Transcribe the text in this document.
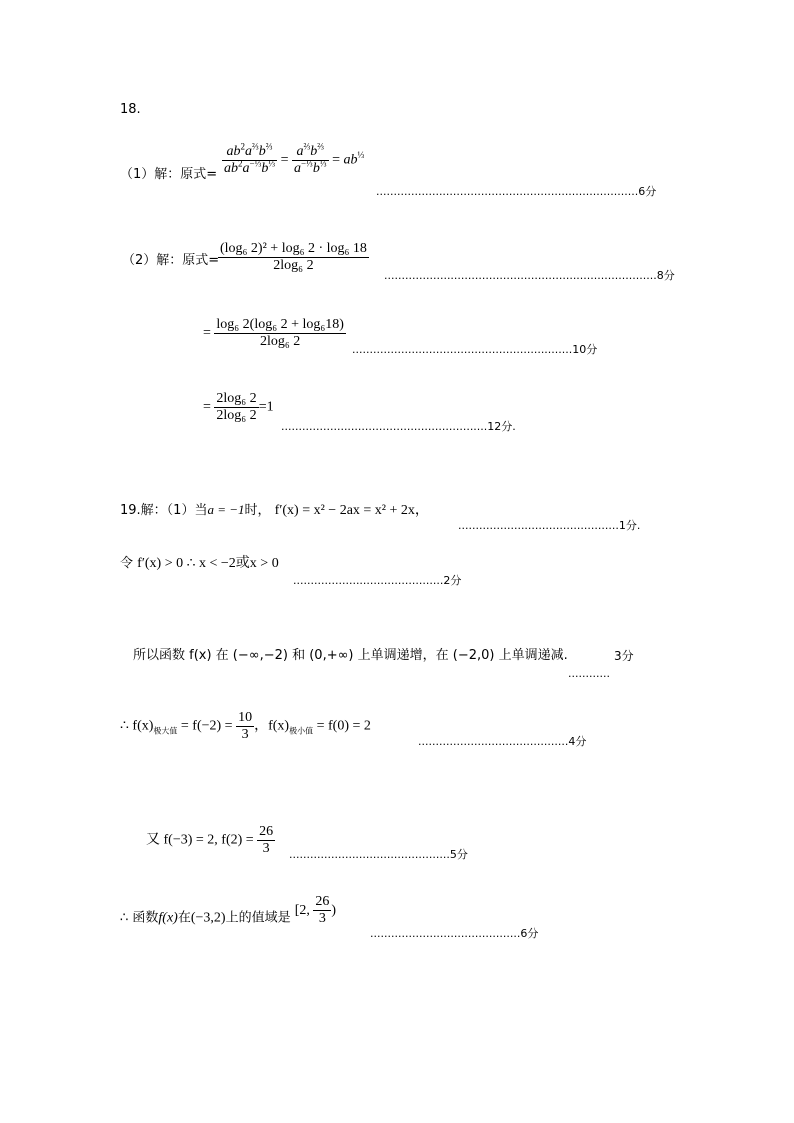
18.
（1）解：原式= $\frac{ab^2a^{\frac{2}{3}}b^{\frac{2}{3}}}{ab^2a^{-\frac{1}{3}}b^{\frac{1}{3}}} = \frac{a^{\frac{2}{3}}b^{\frac{2}{3}}}{a^{-\frac{1}{3}}b^{\frac{1}{3}}} = ab^{\frac{1}{3}}$
...........................................................................6分
（2）解：原式=
$\frac{\text{(log₆ 2)² + log₆ 2 · log₆ 18}}{\text{2log₆ 2}}$
..............................................................................8分
= $\frac{\text{log₆ 2(log₆ 2 + log₆18)}}{\text{2log₆ 2}}$
...............................................................10分
= $\frac{\text{2log₆ 2}}{\text{2log₆ 2}} =1$
...........................................................12分.
19.解：（1）当a = −1时， f′(x) = x² − 2ax = x² + 2x，
..............................................1分.
令 f′(x) > 0 ∴ x < −2或x > 0
...........................................2分
所以函数 f(x) 在 (−∞,−2) 和 (0,+∞) 上单调递增，在 (−2,0) 上单调递减.	3分
............
∴ $f(x)_{极大值} = f(-2) = \frac{10}{3}$ ，$f(x)_{极小值} = f(0) = 2$
...........................................4分
又 f(−3) = 2, $f(2) = \frac{26}{3} ..............................................5$分
∴ 函数f(x)在(−3,2)上的值域是 [2, $\frac{26}{3}$ )
...........................................6分
